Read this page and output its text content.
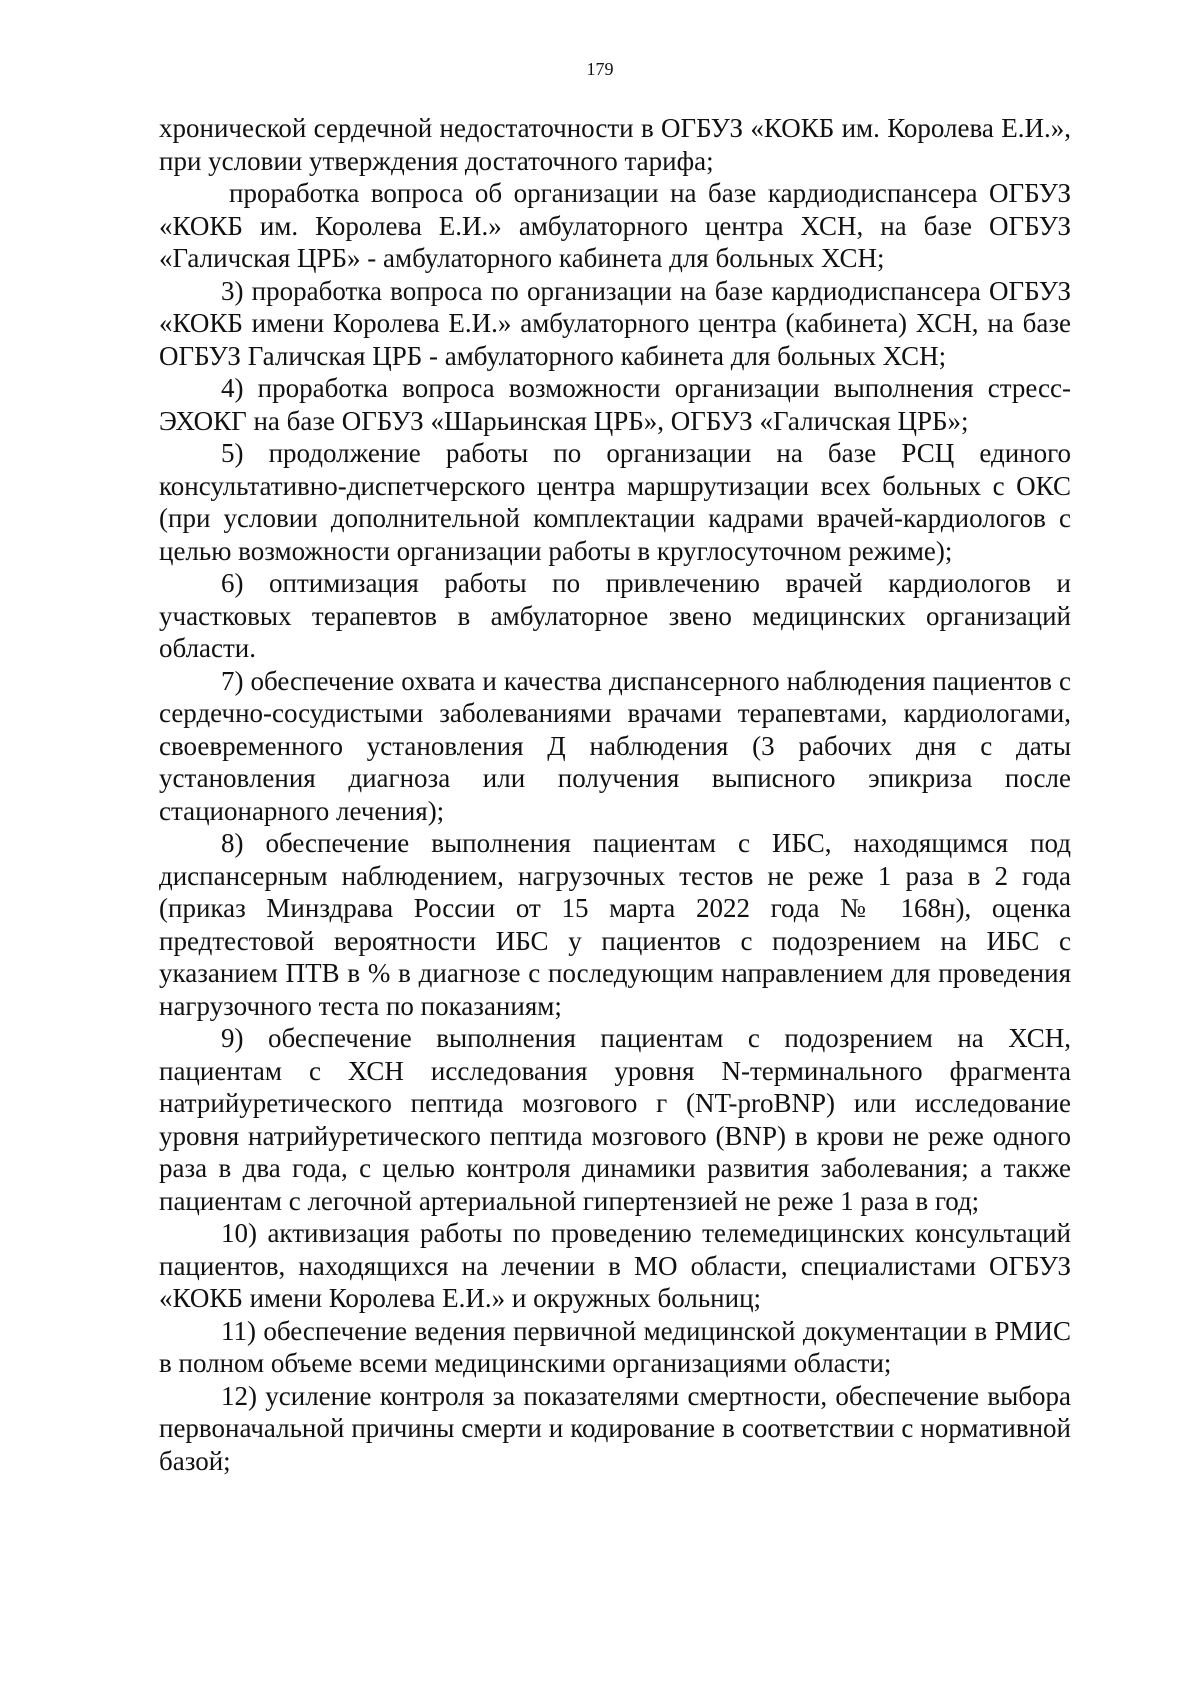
179

хронической сердечной недостаточности в ОГБУЗ «КОКБ им. Королева Е.И.», при условии утверждения достаточного тарифа;

проработка вопроса об организации на базе кардиодиспансера ОГБУЗ «КОКБ им. Королева Е.И.» амбулаторного центра ХСН, на базе ОГБУЗ «Галичская ЦРБ» - амбулаторного кабинета для больных ХСН;

3) проработка вопроса по организации на базе кардиодиспансера ОГБУЗ «КОКБ имени Королева Е.И.» амбулаторного центра (кабинета) ХСН, на базе ОГБУЗ Галичская ЦРБ - амбулаторного кабинета для больных ХСН;

4) проработка вопроса возможности организации выполнения стресс-ЭХОКГ на базе ОГБУЗ «Шарьинская ЦРБ», ОГБУЗ «Галичская ЦРБ»;

5) продолжение работы по организации на базе РСЦ единого консультативно-диспетчерского центра маршрутизации всех больных с ОКС (при условии дополнительной комплектации кадрами врачей-кардиологов с целью возможности организации работы в круглосуточном режиме);

6) оптимизация работы по привлечению врачей кардиологов и участковых терапевтов в амбулаторное звено медицинских организаций области.

7) обеспечение охвата и качества диспансерного наблюдения пациентов с сердечно-сосудистыми заболеваниями врачами терапевтами, кардиологами, своевременного установления Д наблюдения (3 рабочих дня с даты установления диагноза или получения выписного эпикриза после стационарного лечения);

8) обеспечение выполнения пациентам с ИБС, находящимся под диспансерным наблюдением, нагрузочных тестов не реже 1 раза в 2 года (приказ Минздрава России от 15 марта 2022 года № 168н), оценка предтестовой вероятности ИБС у пациентов с подозрением на ИБС с указанием ПТВ в % в диагнозе с последующим направлением для проведения нагрузочного теста по показаниям;

9) обеспечение выполнения пациентам с подозрением на ХСН, пациентам с ХСН исследования уровня N-терминального фрагмента натрийуретического пептида мозгового г (NT-proBNP) или исследование уровня натрийуретического пептида мозгового (BNP) в крови не реже одного раза в два года, с целью контроля динамики развития заболевания; а также пациентам с легочной артериальной гипертензией не реже 1 раза в год;

10) активизация работы по проведению телемедицинских консультаций пациентов, находящихся на лечении в МО области, специалистами ОГБУЗ «КОКБ имени Королева Е.И.» и окружных больниц;

11) обеспечение ведения первичной медицинской документации в РМИС в полном объеме всеми медицинскими организациями области;

12) усиление контроля за показателями смертности, обеспечение выбора первоначальной причины смерти и кодирование в соответствии с нормативной базой;
